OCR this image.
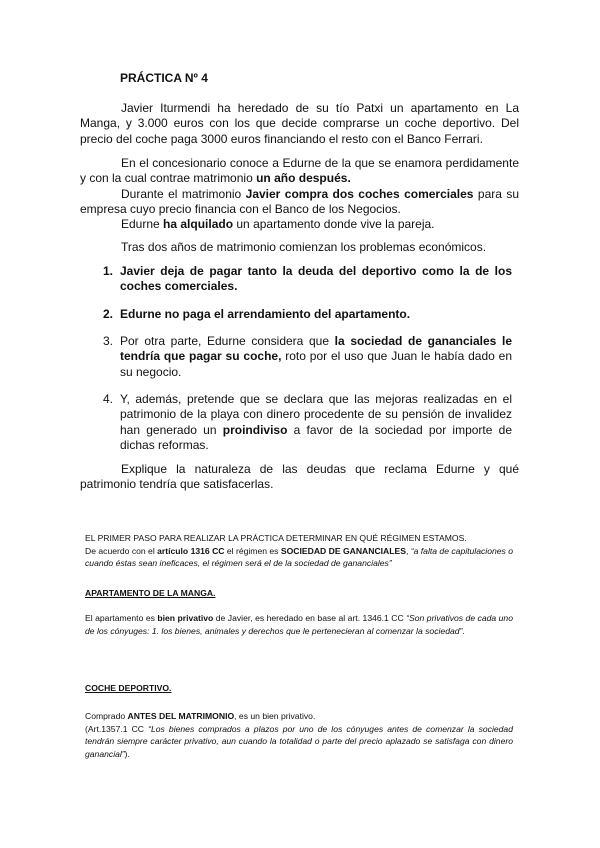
PRÁCTICA Nº 4

Javier Iturmendi ha heredado de su tío Patxi un apartamento en La Manga, y 3.000 euros con los que decide comprarse un coche deportivo. Del precio del coche paga 3000 euros financiando el resto con el Banco Ferrari.

En el concesionario conoce a Edurne de la que se enamora perdidamente y con la cual contrae matrimonio un año después.
Durante el matrimonio Javier compra dos coches comerciales para su empresa cuyo precio financia con el Banco de los Negocios.
Edurne ha alquilado un apartamento donde vive la pareja.

Tras dos años de matrimonio comienzan los problemas económicos.

1. Javier deja de pagar tanto la deuda del deportivo como la de los coches comerciales.
2. Edurne no paga el arrendamiento del apartamento.
3. Por otra parte, Edurne considera que la sociedad de gananciales le tendría que pagar su coche, roto por el uso que Juan le había dado en su negocio.
4. Y, además, pretende que se declara que las mejoras realizadas en el patrimonio de la playa con dinero procedente de su pensión de invalidez han generado un proindiviso a favor de la sociedad por importe de dichas reformas.

Explique la naturaleza de las deudas que reclama Edurne y qué patrimonio tendría que satisfacerlas.

EL PRIMER PASO PARA REALIZAR LA PRÁCTICA DETERMINAR EN QUÉ RÉGIMEN ESTAMOS.
De acuerdo con el artículo 1316 CC el régimen es SOCIEDAD DE GANANCIALES, “a falta de capitulaciones o cuando éstas sean ineficaces, el régimen será el de la sociedad de gananciales”

APARTAMENTO DE LA MANGA.

El apartamento es bien privativo de Javier, es heredado en base al art. 1346.1 CC “Son privativos de cada uno de los cónyuges: 1. los bienes, animales y derechos que le pertenecieran al comenzar la sociedad”.

COCHE DEPORTIVO.

Comprado ANTES DEL MATRIMONIO, es un bien privativo.
(Art.1357.1 CC “Los bienes comprados a plazos por uno de los cónyuges antes de comenzar la sociedad tendrán siempre carácter privativo, aun cuando la totalidad o parte del precio aplazado se satisfaga con dinero ganancial”).
